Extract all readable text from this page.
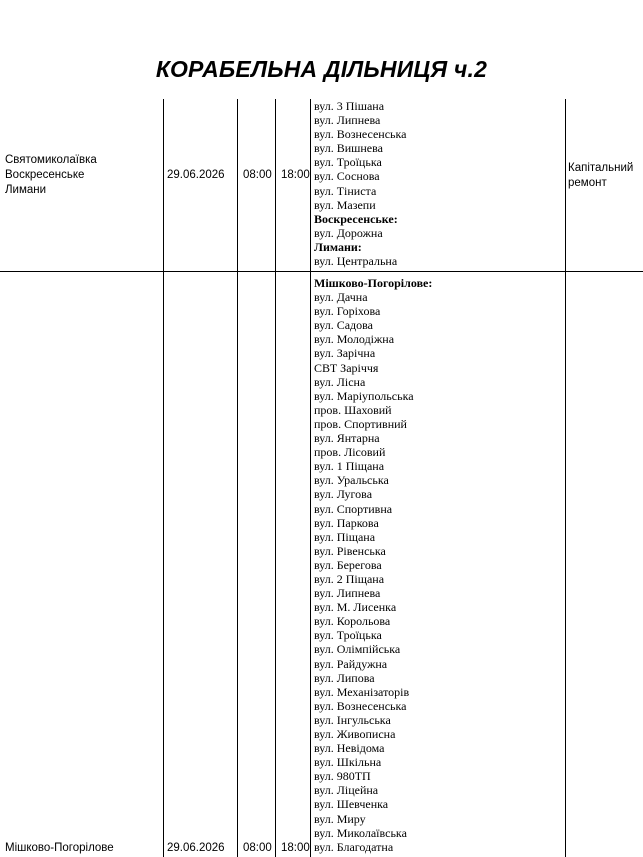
КОРАБЕЛЬНА ДІЛЬНИЦЯ ч.2
Святомиколаївка
Воскресенське
Лимани
29.06.2026 08:00 18:00
вул. 3 Пішана
вул. Липнева
вул. Вознесенська
вул. Вишнева
вул. Троїцька
вул. Соснова
вул. Тіниста
вул. Мазепи
Воскресенське:
вул. Дорожна
Лимани:
вул. Центральна
Капітальний
ремонт
Мішково-Погорілове	29.06.2026 08:00 18:00
Мішково-Погорілове:
вул. Дачна
вул. Горіхова
вул. Садова
вул. Молодіжна
вул. Зарічна
СВТ Заріччя
вул. Лісна
вул. Маріупольська
пров. Шаховий
пров. Спортивний
вул. Янтарна
пров. Лісовий
вул. 1 Піщана
вул. Уральська
вул. Лугова
вул. Спортивна
вул. Паркова
вул. Піщана
вул. Рівенська
вул. Берегова
вул. 2 Піщана
вул. Липнева
вул. М. Лисенка
вул. Корольова
вул. Троїцька
вул. Олімпійська
вул. Райдужна
вул. Липова
вул. Механізаторів
вул. Вознесенська
вул. Інгульська
вул. Живописна
вул. Невідома
вул. Шкільна
вул. 980ТП
вул. Ліцейна
вул. Шевченка
вул. Миру
вул. Миколаївська
вул. Благодатна
